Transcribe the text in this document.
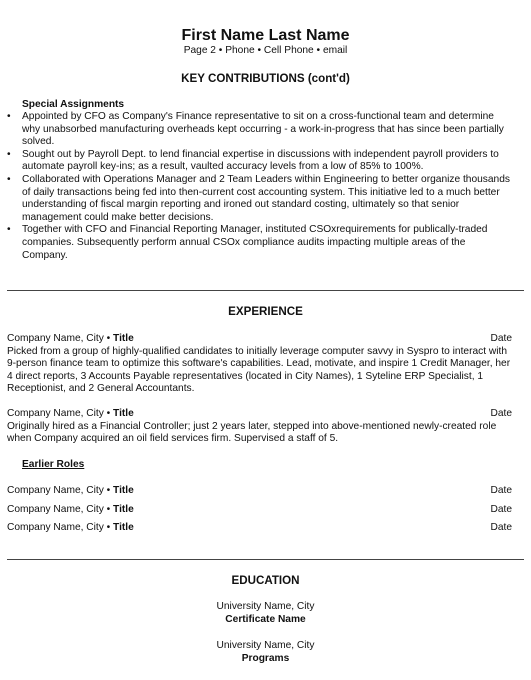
First Name Last Name
Page 2 • Phone • Cell Phone • email
KEY CONTRIBUTIONS (cont'd)
Special Assignments
• Appointed by CFO as Company's Finance representative to sit on a cross-functional team and determine why unabsorbed manufacturing overheads kept occurring - a work-in-progress that has since been partially solved.
• Sought out by Payroll Dept. to lend financial expertise in discussions with independent payroll providers to automate payroll key-ins; as a result, vaulted accuracy levels from a low of 85% to 100%.
• Collaborated with Operations Manager and 2 Team Leaders within Engineering to better organize thousands of daily transactions being fed into then-current cost accounting system. This initiative led to a much better understanding of fiscal margin reporting and ironed out standard costing, ultimately so that senior management could make better decisions.
• Together with CFO and Financial Reporting Manager, instituted CSOxrequirements for publically-traded companies. Subsequently perform annual CSOx compliance audits impacting multiple areas of the Company.
EXPERIENCE
Company Name, City • Title	Date
Picked from a group of highly-qualified candidates to initially leverage computer savvy in Syspro to interact with 9-person finance team to optimize this software's capabilities. Lead, motivate, and inspire 1 Credit Manager, her 4 direct reports, 3 Accounts Payable representatives (located in City Names), 1 Syteline ERP Specialist, 1 Receptionist, and 2 General Accountants.
Company Name, City • Title	Date
Originally hired as a Financial Controller; just 2 years later, stepped into above-mentioned newly-created role when Company acquired an oil field services firm. Supervised a staff of 5.
Earlier Roles
Company Name, City • Title	Date
Company Name, City • Title	Date
Company Name, City • Title	Date
EDUCATION
University Name, City
Certificate Name
University Name, City
Programs
